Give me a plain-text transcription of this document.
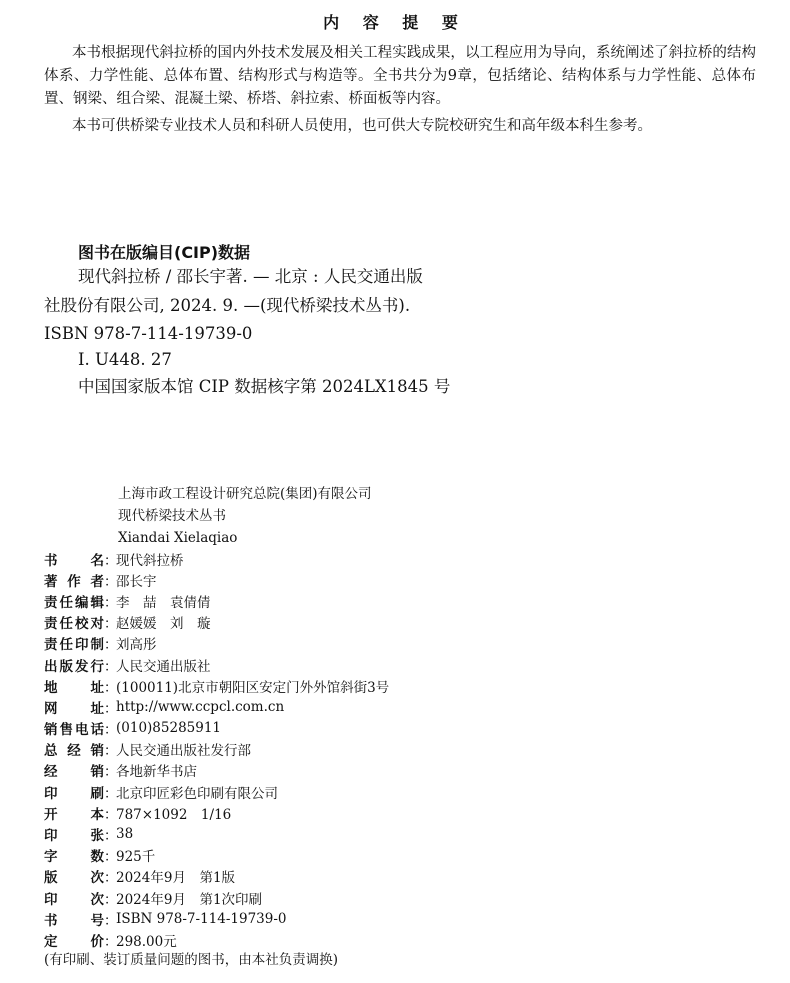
内 容 提 要

本书根据现代斜拉桥的国内外技术发展及相关工程实践成果，以工程应用为导向，系统阐述了斜拉桥的结构体系、力学性能、总体布置、结构形式与构造等。全书共分为9章，包括绪论、结构体系与力学性能、总体布置、钢梁、组合梁、混凝土梁、桥塔、斜拉索、桥面板等内容。

本书可供桥梁专业技术人员和科研人员使用，也可供大专院校研究生和高年级本科生参考。

图书在版编目(CIP)数据
现代斜拉桥 / 邵长宇著. — 北京 : 人民交通出版
社股份有限公司, 2024. 9. —(现代桥梁技术丛书).
ISBN 978-7-114-19739-0
Ⅰ. U448. 27
中国国家版本馆 CIP 数据核字第 2024LX1845 号
上海市政工程设计研究总院(集团)有限公司
现代桥梁技术丛书
Xiandai Xielaqiao
书名 ：
现代斜拉桥
著作者 ：
邵长宇
责任编辑 ：
李　喆　袁倩倩
责任校对 ：
赵媛媛　刘　璇
责任印制 ：
刘高彤
出版发行 ：
人民交通出版社
地址 ：
(100011)北京市朝阳区安定门外外馆斜街3号
网址 ：
http://www.ccpcl.com.cn
销售电话 ：
(010)85285911
总经销 ：
人民交通出版社发行部
经销 ：
各地新华书店
印刷 ：
北京印匠彩色印刷有限公司
开本 ：
787×1092　1/16
印张 ：
38
字数 ：
925千
版次 ：
2024年9月　第1版
印次 ：
2024年9月　第1次印刷
书号 ：
ISBN 978-7-114-19739-0
定价 ：
298.00元
(有印刷、装订质量问题的图书，由本社负责调换)
